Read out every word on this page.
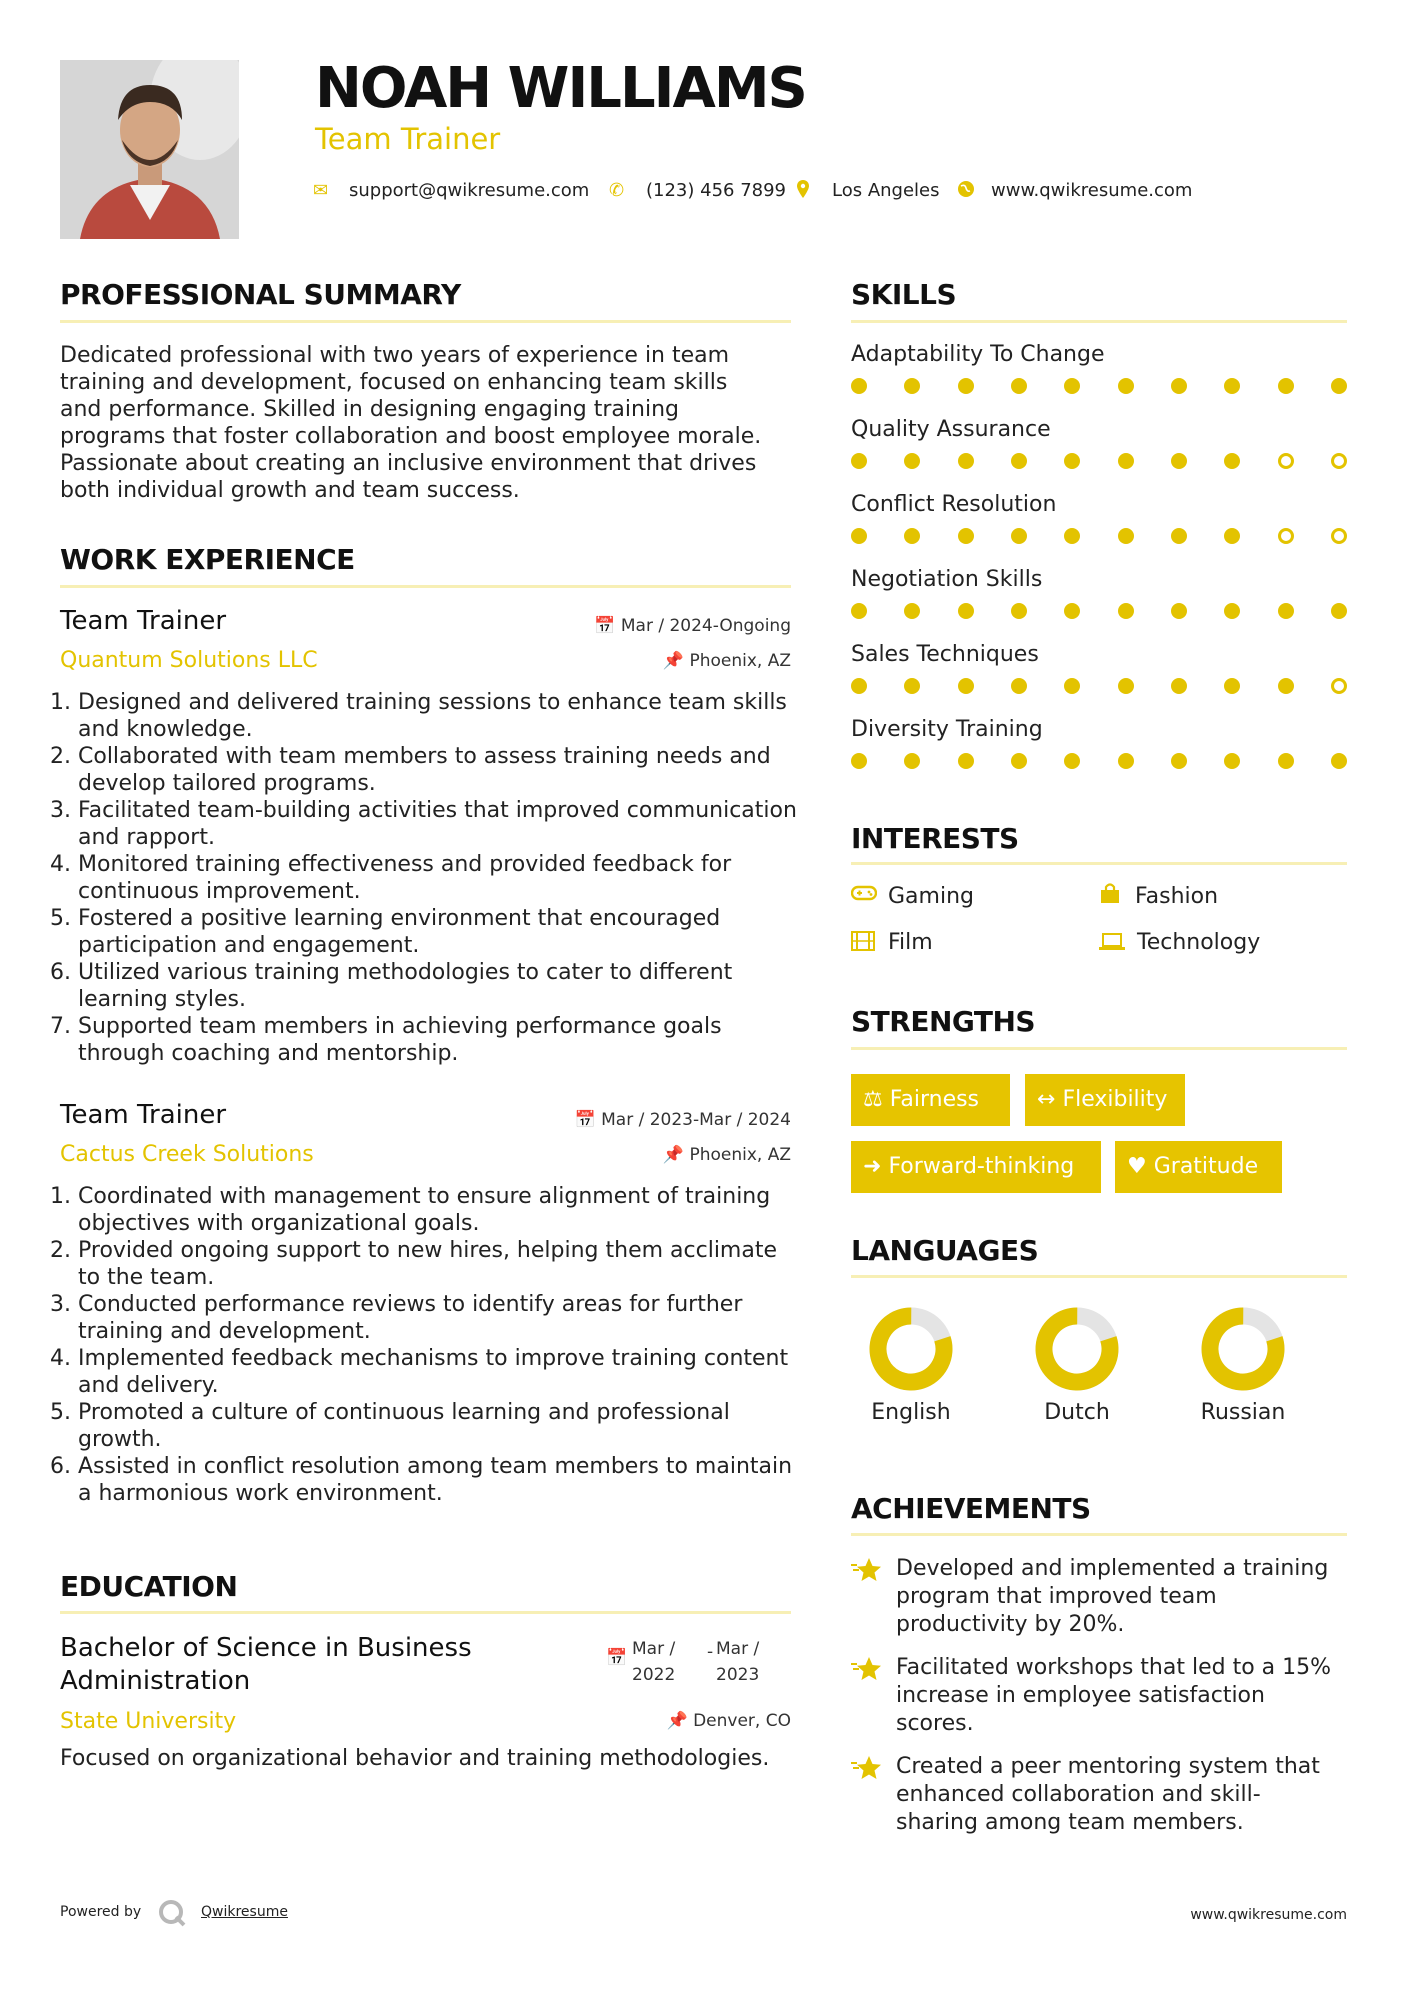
NOAH WILLIAMS
Team Trainer
✉ support@qwikresume.com ✆ (123) 456 7899	Los Angeles	www.qwikresume.com
PROFESSIONAL SUMMARY
Dedicated professional with two years of experience in team
training and development, focused on enhancing team skills
and performance. Skilled in designing engaging training
programs that foster collaboration and boost employee morale.
Passionate about creating an inclusive environment that drives
both individual growth and team success.
WORK EXPERIENCE
Team Trainer	📅 Mar / 2024-Ongoing
Quantum Solutions LLC	📌 Phoenix, AZ
1. Designed and delivered training sessions to enhance team skills and knowledge.
2. Collaborated with team members to assess training needs and develop tailored programs.
3. Facilitated team-building activities that improved communication and rapport.
4. Monitored training effectiveness and provided feedback for continuous improvement.
5. Fostered a positive learning environment that encouraged participation and engagement.
6. Utilized various training methodologies to cater to different learning styles.
7. Supported team members in achieving performance goals through coaching and mentorship.
Team Trainer	📅 Mar / 2023-Mar / 2024
Cactus Creek Solutions	📌 Phoenix, AZ
1. Coordinated with management to ensure alignment of training objectives with organizational goals.
2. Provided ongoing support to new hires, helping them acclimate to the team.
3. Conducted performance reviews to identify areas for further training and development.
4. Implemented feedback mechanisms to improve training content and delivery.
5. Promoted a culture of continuous learning and professional growth.
6. Assisted in conflict resolution among team members to maintain a harmonious work environment.
EDUCATION
Bachelor of Science in Business
Administration
📅 Mar /
2022
- Mar /
2023
State University	📌 Denver, CO
Focused on organizational behavior and training methodologies.
SKILLS
Adaptability To Change
Quality Assurance
Conflict Resolution
Negotiation Skills
Sales Techniques
Diversity Training
INTERESTS
Gaming	Fashion
Film	Technology
STRENGTHS
⚖ Fairness	↔ Flexibility
➜ Forward-thinking	♥ Gratitude
LANGUAGES
English	Dutch	Russian
ACHIEVEMENTS
Developed and implemented a training
program that improved team
productivity by 20%.
Facilitated workshops that led to a 15%
increase in employee satisfaction
scores.
Created a peer mentoring system that
enhanced collaboration and skill-
sharing among team members.
Powered by	Qwikresume	www.qwikresume.com
